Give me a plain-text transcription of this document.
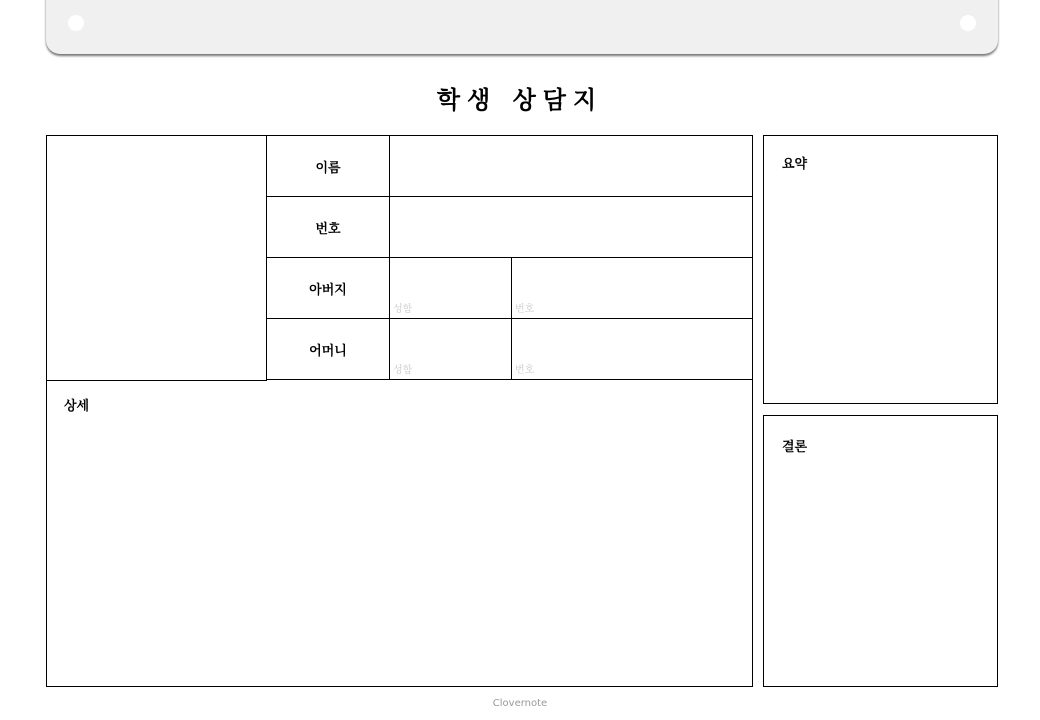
학생 상담지
이름
번호
아버지
성함	번호
어머니
성함	번호
상세
요약
결론
Clovernote
